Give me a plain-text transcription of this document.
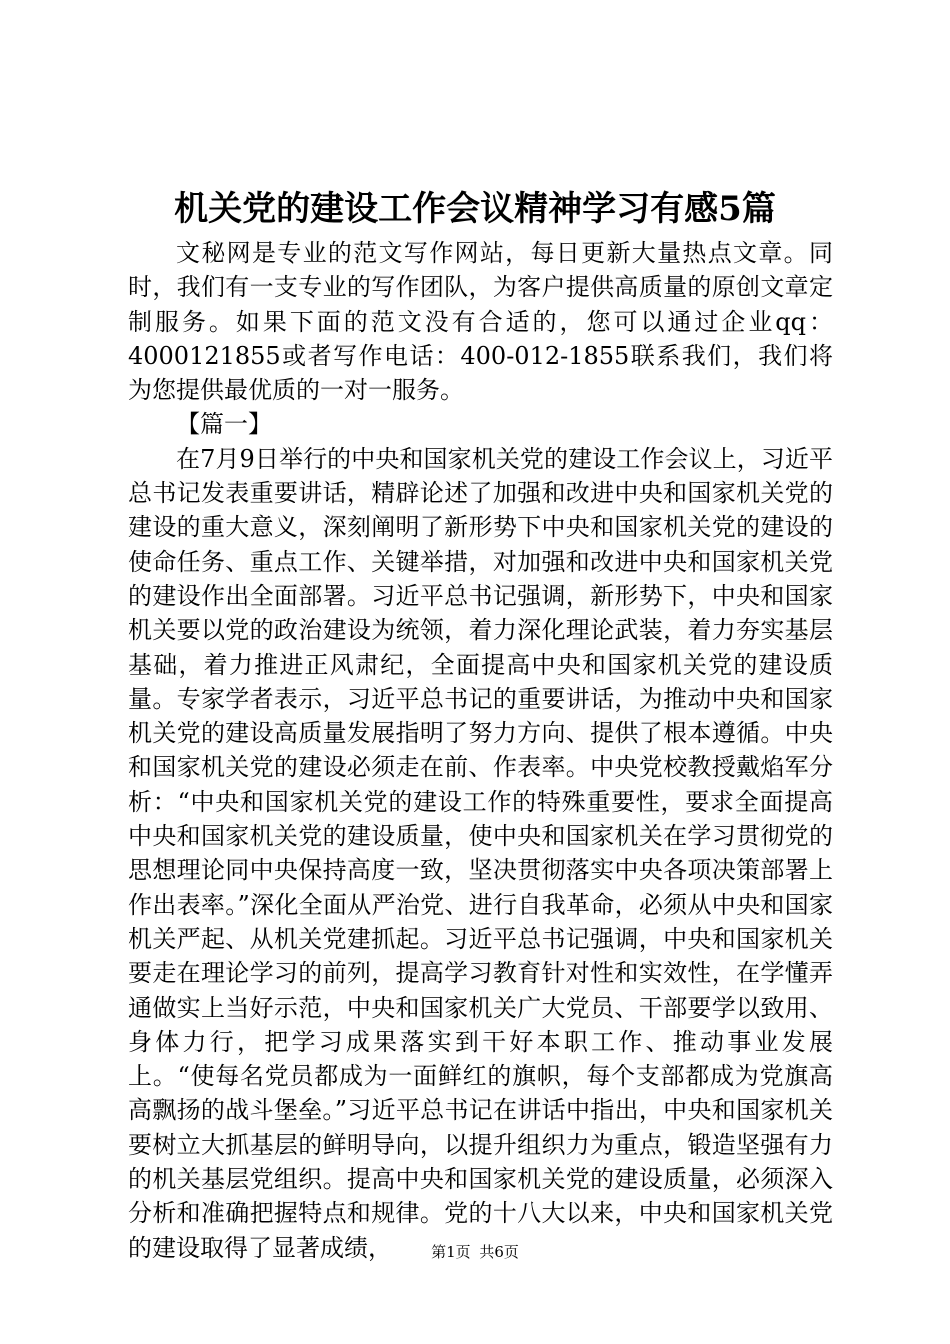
机关党的建设工作会议精神学习有感5篇

文秘网是专业的范文写作网站，每日更新大量热点文章。同时，我们有一支专业的写作团队，为客户提供高质量的原创文章定制服务。如果下面的范文没有合适的，您可以通过企业qq：4000121855或者写作电话：400-012-1855联系我们，我们将为您提供最优质的一对一服务。

【篇一】

在7月9日举行的中央和国家机关党的建设工作会议上，习近平总书记发表重要讲话，精辟论述了加强和改进中央和国家机关党的建设的重大意义，深刻阐明了新形势下中央和国家机关党的建设的使命任务、重点工作、关键举措，对加强和改进中央和国家机关党的建设作出全面部署。习近平总书记强调，新形势下，中央和国家机关要以党的政治建设为统领，着力深化理论武装，着力夯实基层基础，着力推进正风肃纪，全面提高中央和国家机关党的建设质量。专家学者表示，习近平总书记的重要讲话，为推动中央和国家机关党的建设高质量发展指明了努力方向、提供了根本遵循。中央和国家机关党的建设必须走在前、作表率。中央党校教授戴焰军分析：“中央和国家机关党的建设工作的特殊重要性，要求全面提高中央和国家机关党的建设质量，使中央和国家机关在学习贯彻党的思想理论同中央保持高度一致，坚决贯彻落实中央各项决策部署上作出表率。”深化全面从严治党、进行自我革命，必须从中央和国家机关严起、从机关党建抓起。习近平总书记强调，中央和国家机关要走在理论学习的前列，提高学习教育针对性和实效性，在学懂弄通做实上当好示范，中央和国家机关广大党员、干部要学以致用、身体力行，把学习成果落实到干好本职工作、推动事业发展上。“使每名党员都成为一面鲜红的旗帜，每个支部都成为党旗高高飘扬的战斗堡垒。”习近平总书记在讲话中指出，中央和国家机关要树立大抓基层的鲜明导向，以提升组织力为重点，锻造坚强有力的机关基层党组织。提高中央和国家机关党的建设质量，必须深入分析和准确把握特点和规律。党的十八大以来，中央和国家机关党的建设取得了显著成绩，	第1页 共6页
